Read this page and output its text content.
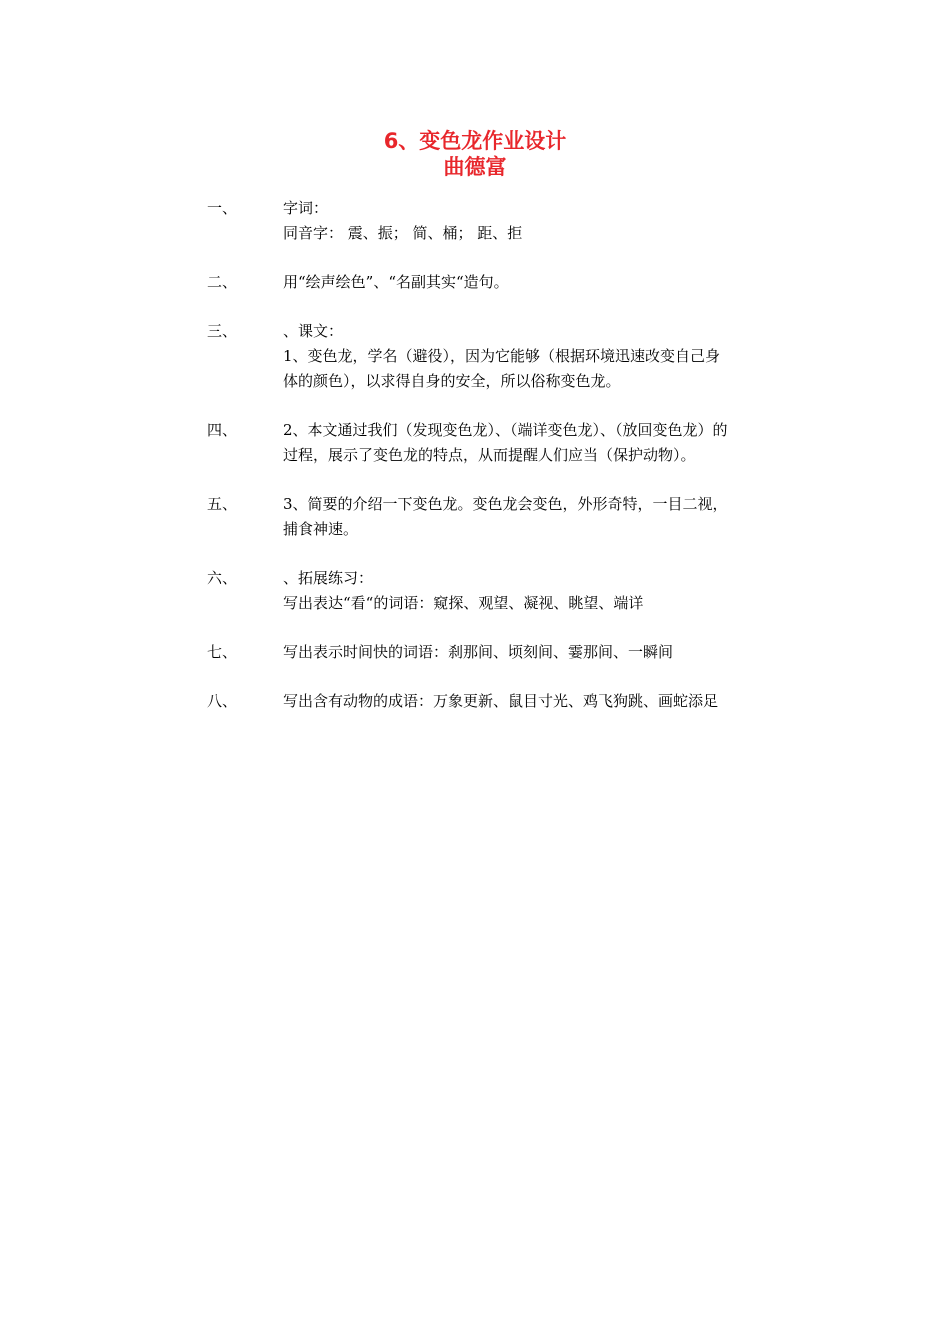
6、变色龙作业设计
曲德富
一、	字词：
同音字： 震、振； 简、桶； 距、拒
二、	用“绘声绘色”、“名副其实“造句。
三、	、课文：
1、变色龙，学名（避役），因为它能够（根据环境迅速改变自己身
体的颜色），以求得自身的安全，所以俗称变色龙。
四、	2、本文通过我们（发现变色龙）、（端详变色龙）、（放回变色龙）的
过程，展示了变色龙的特点，从而提醒人们应当（保护动物）。
五、	3、简要的介绍一下变色龙。变色龙会变色，外形奇特，一目二视，
捕食神速。
六、	、拓展练习：
写出表达“看“的词语：窥探、观望、凝视、眺望、端详
七、	写出表示时间快的词语：刹那间、顷刻间、霎那间、一瞬间
八、	写出含有动物的成语：万象更新、鼠目寸光、鸡飞狗跳、画蛇添足
